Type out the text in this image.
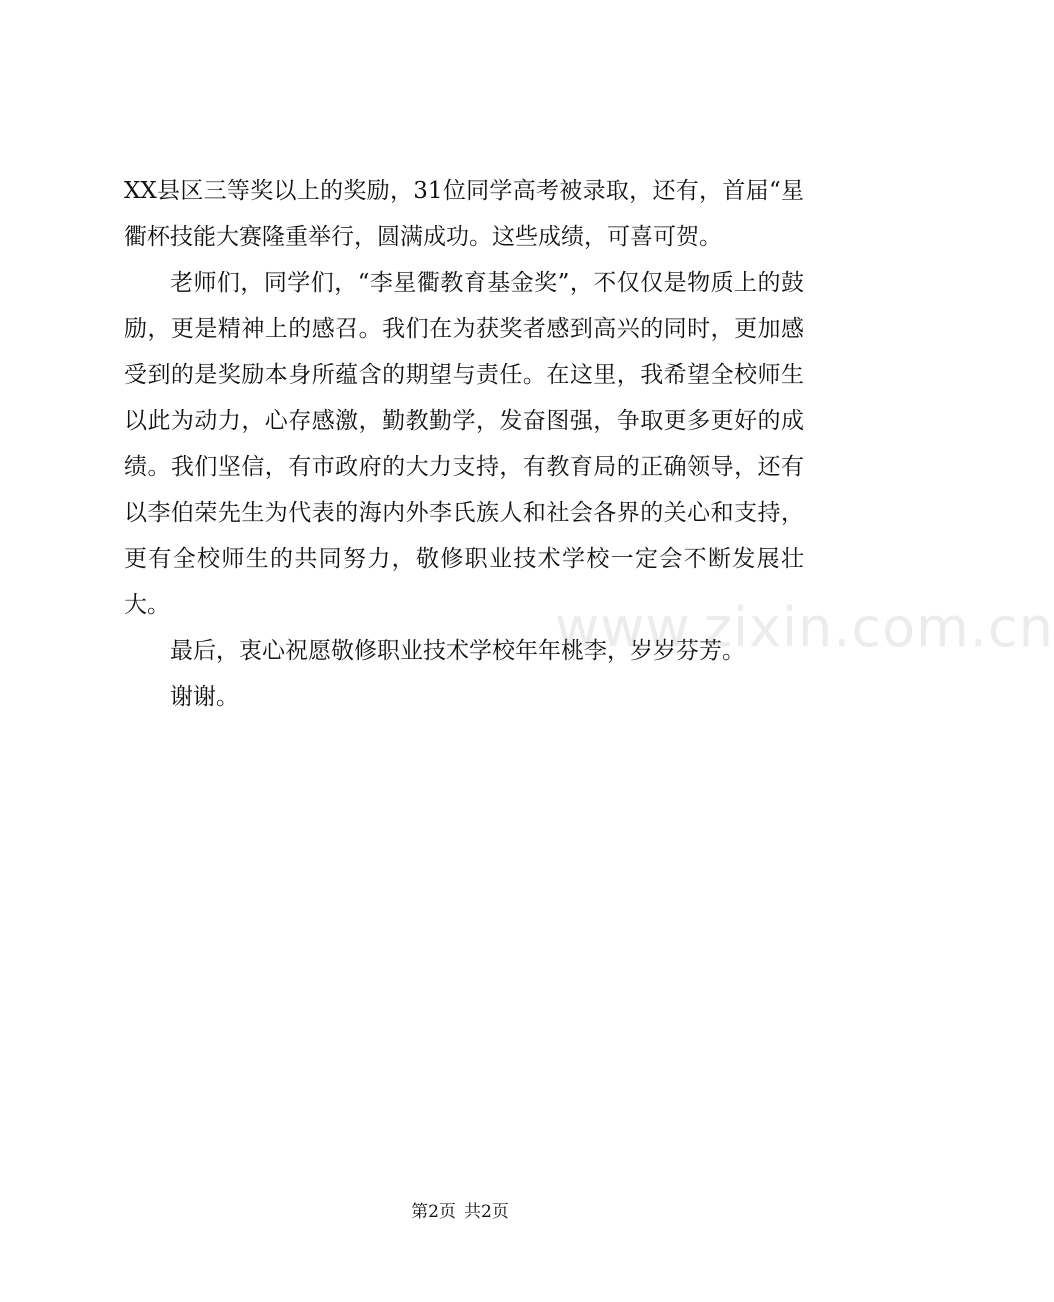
XX县区三等奖以上的奖励，31位同学高考被录取，还有，首届“星衢杯技能大赛隆重举行，圆满成功。这些成绩，可喜可贺。

老师们，同学们，“李星衢教育基金奖”，不仅仅是物质上的鼓励，更是精神上的感召。我们在为获奖者感到高兴的同时，更加感受到的是奖励本身所蕴含的期望与责任。在这里，我希望全校师生以此为动力，心存感激，勤教勤学，发奋图强，争取更多更好的成绩。我们坚信，有市政府的大力支持，有教育局的正确领导，还有以李伯荣先生为代表的海内外李氏族人和社会各界的关心和支持，更有全校师生的共同努力，敬修职业技术学校一定会不断发展壮大。

最后，衷心祝愿敬修职业技术学校年年桃李，岁岁芬芳。

谢谢。

www.zixin.com.cn
第2页 共2页
